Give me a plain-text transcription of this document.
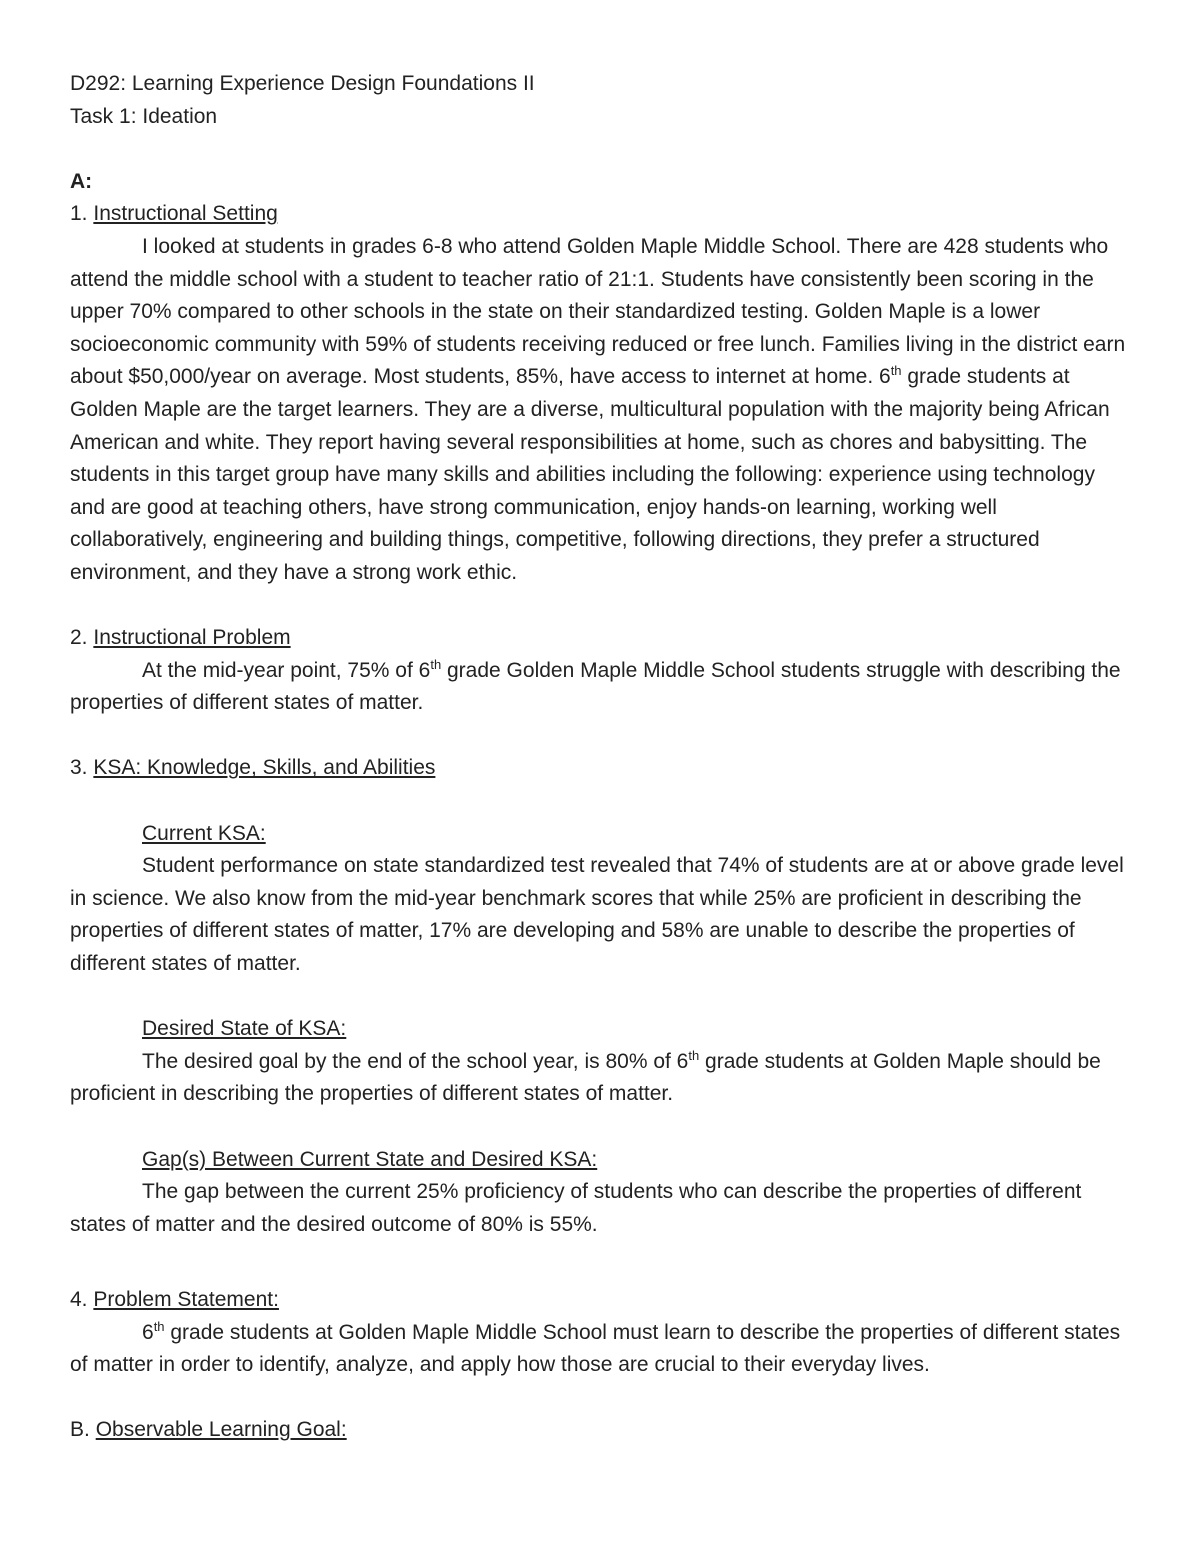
D292: Learning Experience Design Foundations II
Task 1: Ideation
A:
1. Instructional Setting

I looked at students in grades 6-8 who attend Golden Maple Middle School. There are 428 students who attend the middle school with a student to teacher ratio of 21:1. Students have consistently been scoring in the upper 70% compared to other schools in the state on their standardized testing. Golden Maple is a lower socioeconomic community with 59% of students receiving reduced or free lunch. Families living in the district earn about $50,000/year on average. Most students, 85%, have access to internet at home. 6th grade students at Golden Maple are the target learners. They are a diverse, multicultural population with the majority being African American and white. They report having several responsibilities at home, such as chores and babysitting. The students in this target group have many skills and abilities including the following: experience using technology and are good at teaching others, have strong communication, enjoy hands-on learning, working well collaboratively, engineering and building things, competitive, following directions, they prefer a structured environment, and they have a strong work ethic.

2. Instructional Problem

At the mid-year point, 75% of 6th grade Golden Maple Middle School students struggle with describing the properties of different states of matter.

3. KSA: Knowledge, Skills, and Abilities
Current KSA:

Student performance on state standardized test revealed that 74% of students are at or above grade level in science. We also know from the mid-year benchmark scores that while 25% are proficient in describing the properties of different states of matter, 17% are developing and 58% are unable to describe the properties of different states of matter.

Desired State of KSA:

The desired goal by the end of the school year, is 80% of 6th grade students at Golden Maple should be proficient in describing the properties of different states of matter.

Gap(s) Between Current State and Desired KSA:

The gap between the current 25% proficiency of students who can describe the properties of different states of matter and the desired outcome of 80% is 55%.

4. Problem Statement:

6th grade students at Golden Maple Middle School must learn to describe the properties of different states of matter in order to identify, analyze, and apply how those are crucial to their everyday lives.

B. Observable Learning Goal:
